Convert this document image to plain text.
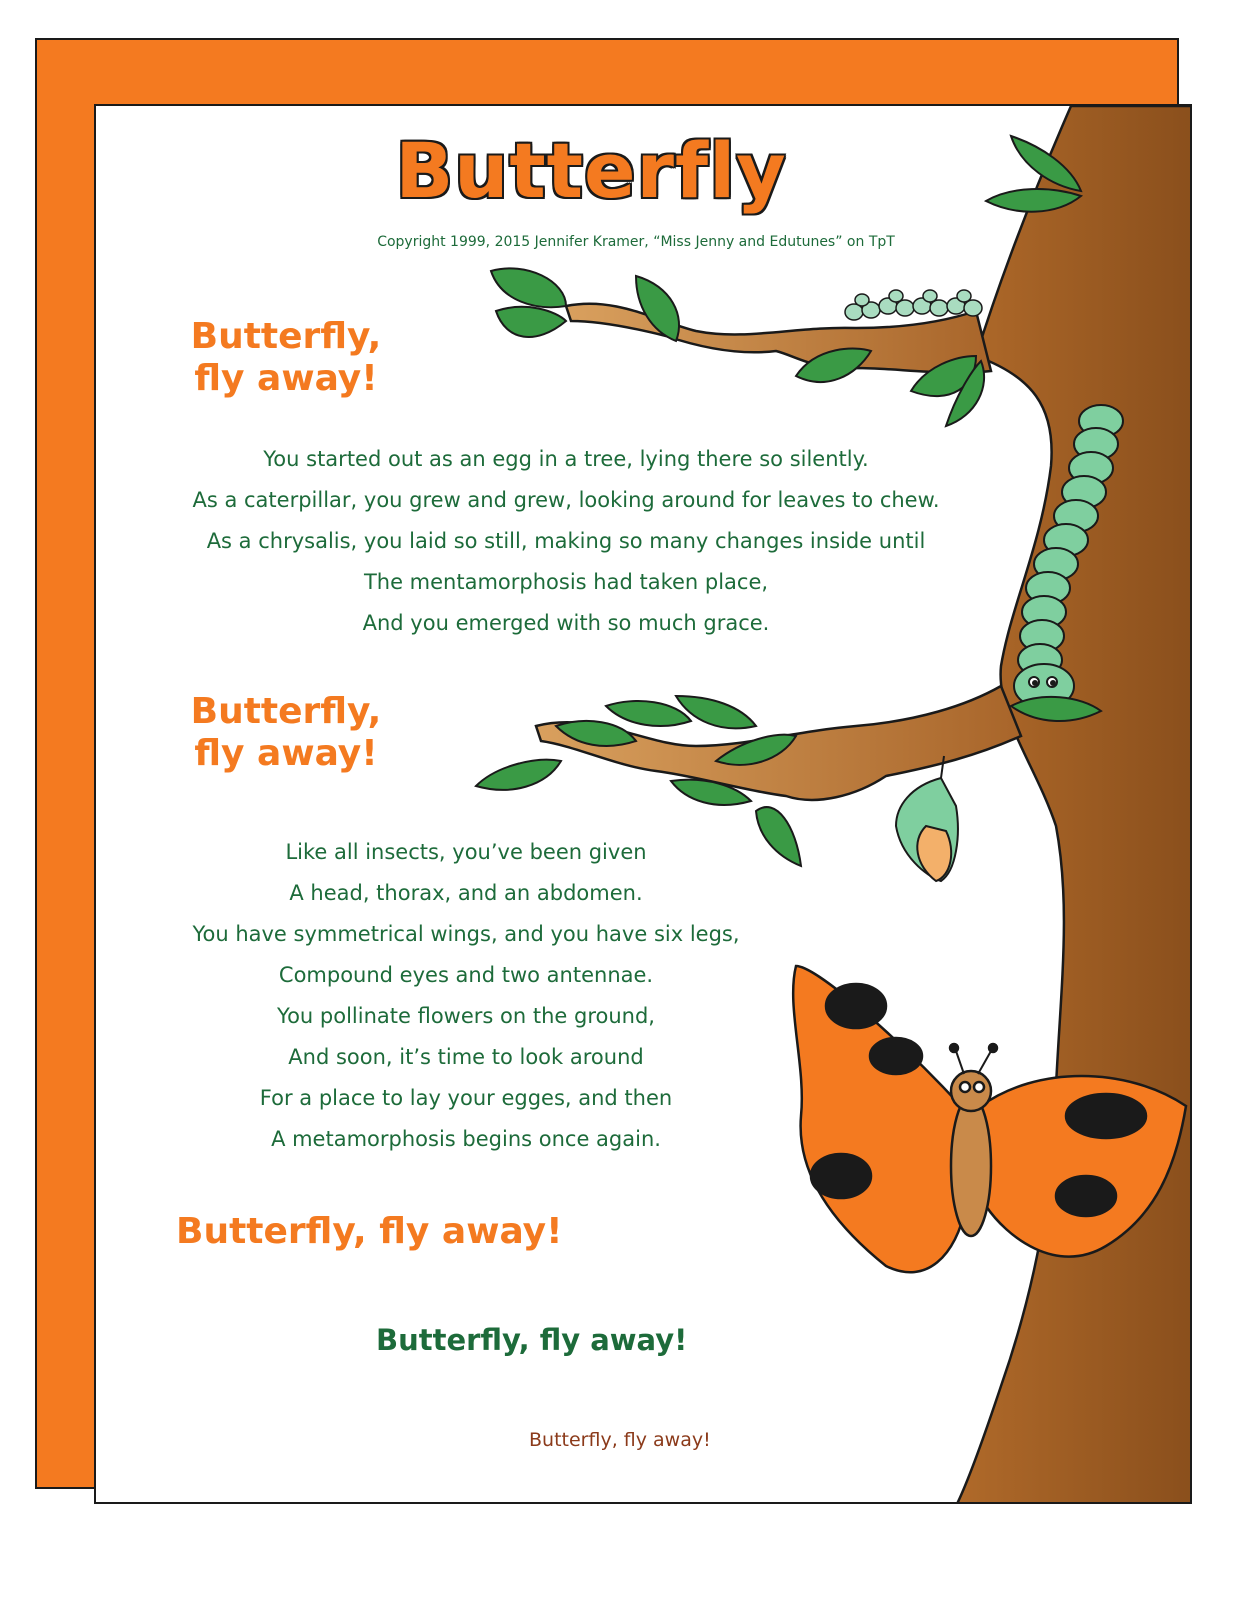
Butterfly

Copyright 1999, 2015 Jennifer Kramer, “Miss Jenny and Edutunes” on TpT

Butterfly,
fly away!
You started out as an egg in a tree, lying there so silently.
As a caterpillar, you grew and grew, looking around for leaves to chew.
As a chrysalis, you laid so still, making so many changes inside until
The mentamorphosis had taken place,
And you emerged with so much grace.
Butterfly,
fly away!
Like all insects, you’ve been given
A head, thorax, and an abdomen.
You have symmetrical wings, and you have six legs,
Compound eyes and two antennae.
You pollinate flowers on the ground,
And soon, it’s time to look around
For a place to lay your egges, and then
A metamorphosis begins once again.
Butterfly, fly away!
Butterfly, fly away!
Butterfly, fly away!
